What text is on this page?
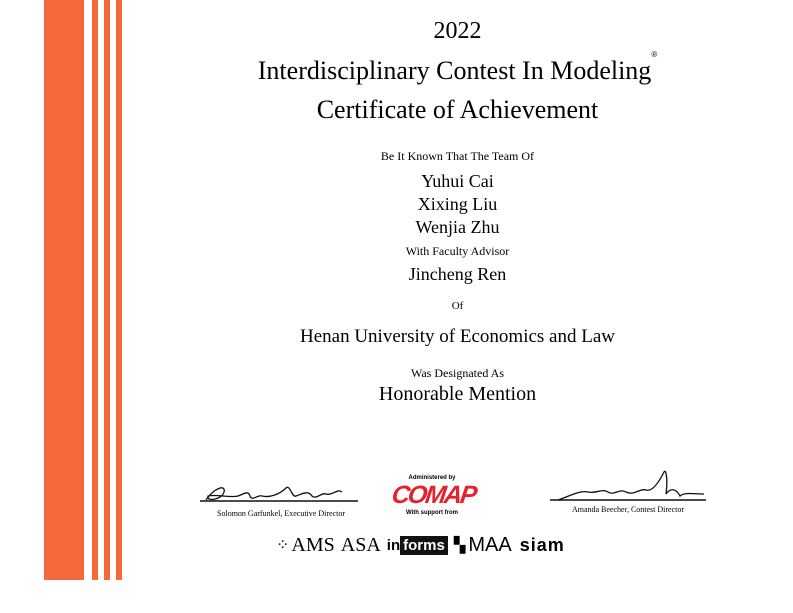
2022
Interdisciplinary Contest In Modeling®
Certificate of Achievement
Be It Known That The Team Of
Yuhui Cai
Xixing Liu
Wenjia Zhu
With Faculty Advisor
Jincheng Ren
Of
Henan University of Economics and Law
Was Designated As
Honorable Mention
Solomon Garfunkel, Executive Director
Administered by
COMAP
With support from	Amanda Beecher, Contest Director
⁘ AMS ASA in forms ▚ MAA siam
